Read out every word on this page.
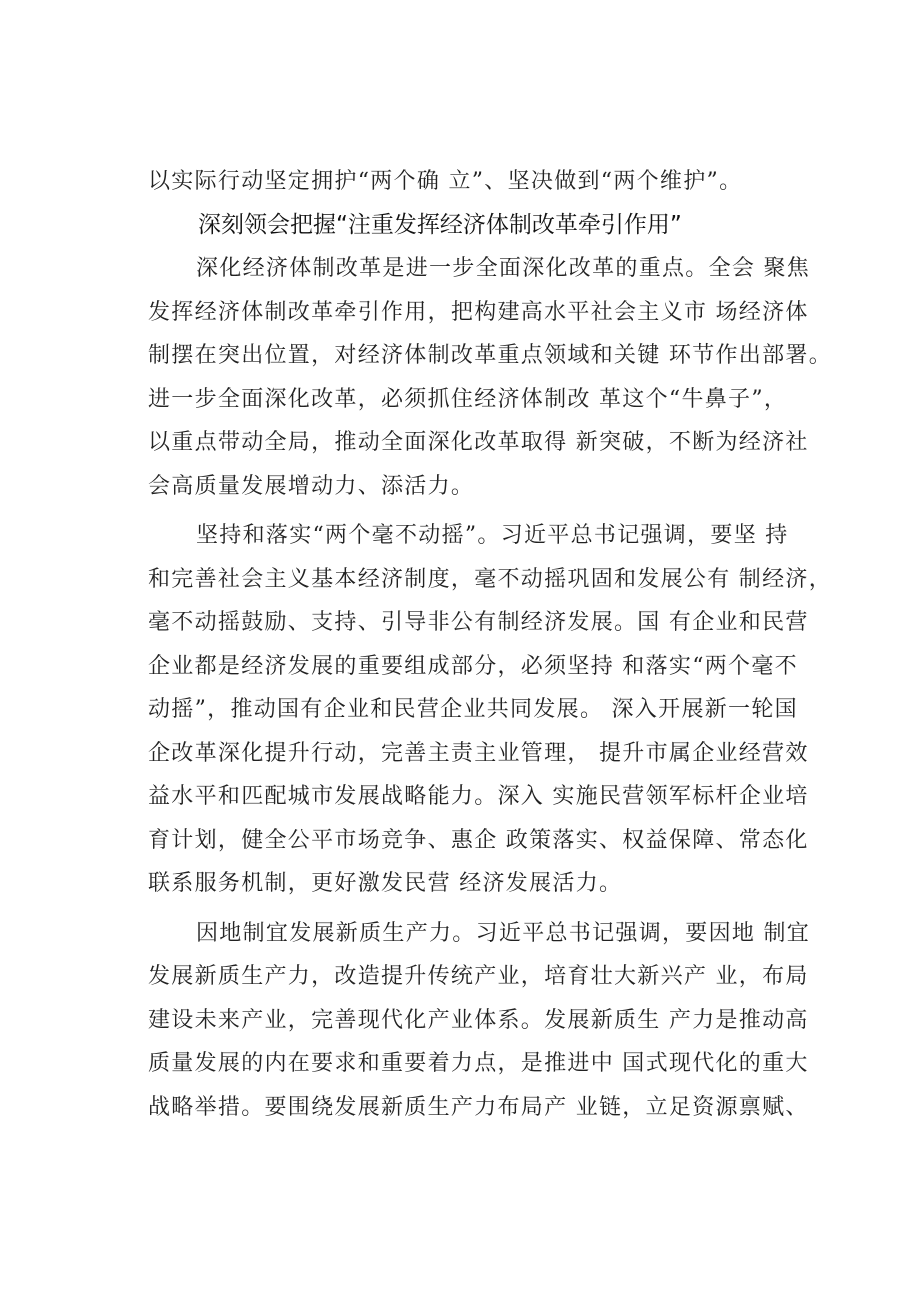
以实际行动坚定拥护“两个确 立”、坚决做到“两个维护”。
深刻领会把握“注重发挥经济体制改革牵引作用”
深化经济体制改革是进一步全面深化改革的重点。全会 聚焦
发挥经济体制改革牵引作用，把构建高水平社会主义市 场经济体
制摆在突出位置，对经济体制改革重点领域和关键 环节作出部署。
进一步全面深化改革，必须抓住经济体制改 革这个“牛鼻子”，
以重点带动全局，推动全面深化改革取得 新突破，不断为经济社
会高质量发展增动力、添活力。
坚持和落实“两个毫不动摇”。习近平总书记强调，要坚 持
和完善社会主义基本经济制度，毫不动摇巩固和发展公有 制经济，
毫不动摇鼓励、支持、引导非公有制经济发展。国 有企业和民营
企业都是经济发展的重要组成部分，必须坚持 和落实“两个毫不
动摇”，推动国有企业和民营企业共同发展。 深入开展新一轮国
企改革深化提升行动，完善主责主业管理， 提升市属企业经营效
益水平和匹配城市发展战略能力。深入 实施民营领军标杆企业培
育计划，健全公平市场竞争、惠企 政策落实、权益保障、常态化
联系服务机制，更好激发民营 经济发展活力。
因地制宜发展新质生产力。习近平总书记强调，要因地 制宜
发展新质生产力，改造提升传统产业，培育壮大新兴产 业，布局
建设未来产业，完善现代化产业体系。发展新质生 产力是推动高
质量发展的内在要求和重要着力点，是推进中 国式现代化的重大
战略举措。要围绕发展新质生产力布局产 业链，立足资源禀赋、
